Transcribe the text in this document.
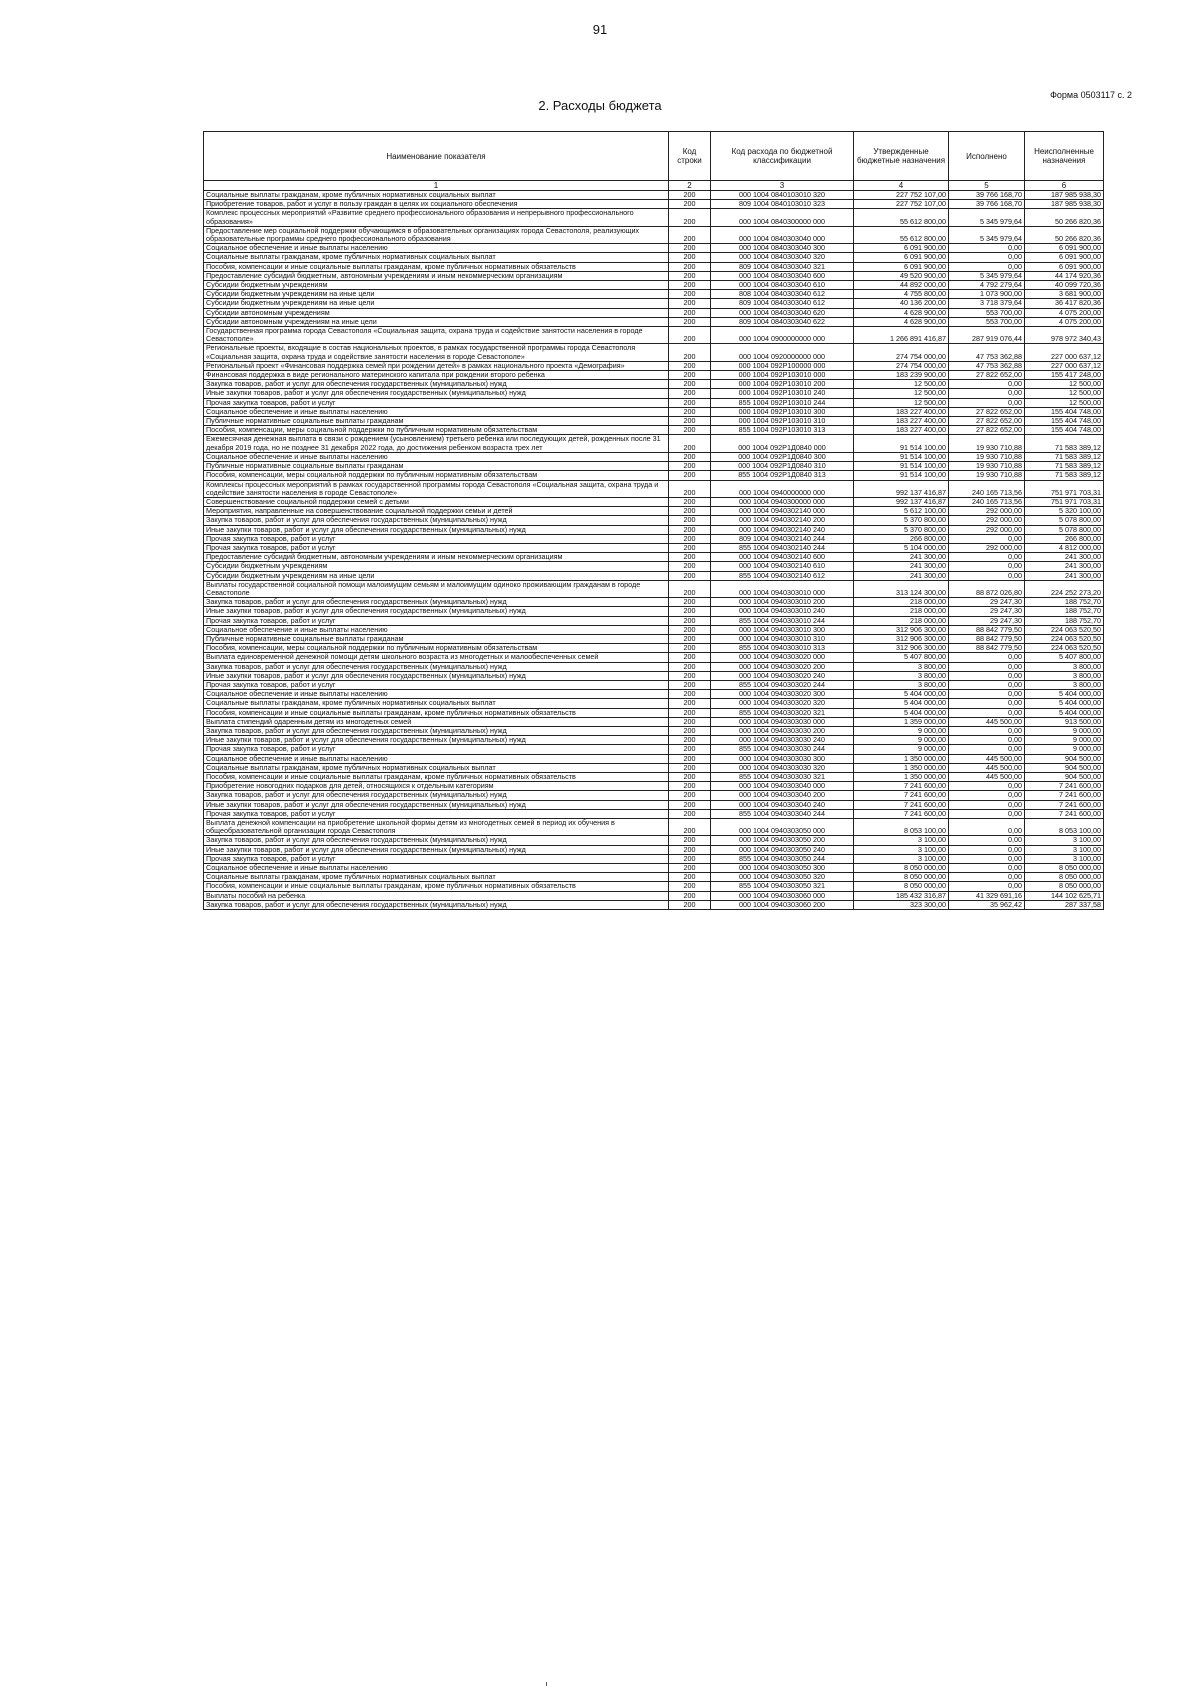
91
Форма 0503117 с. 2
2. Расходы бюджета
Наименование показателя	Код строки	Код расхода по бюджетной классификации	Утвержденные бюджетные назначения	Исполнено	Неисполненные назначения
1	2	3	4	5	6
Социальные выплаты гражданам, кроме публичных нормативных социальных выплат	200	000 1004 0840103010 320	227 752 107,00	39 766 168,70	187 985 938,30
Приобретение товаров, работ и услуг в пользу граждан в целях их социального обеспечения	200	809 1004 0840103010 323	227 752 107,00	39 766 168,70	187 985 938,30
Комплекс процессных мероприятий «Развитие среднего профессионального образования и непрерывного профессионального образования»	200	000 1004 0840300000 000	55 612 800,00	5 345 979,64	50 266 820,36
Предоставление мер социальной поддержки обучающимся в образовательных организациях города Севастополя, реализующих образовательные программы среднего профессионального образования	200	000 1004 0840303040 000	55 612 800,00	5 345 979,64	50 266 820,36
Социальное обеспечение и иные выплаты населению	200	000 1004 0840303040 300	6 091 900,00	0,00	6 091 900,00
Социальные выплаты гражданам, кроме публичных нормативных социальных выплат	200	000 1004 0840303040 320	6 091 900,00	0,00	6 091 900,00
Пособия, компенсации и иные социальные выплаты гражданам, кроме публичных нормативных обязательств	200	809 1004 0840303040 321	6 091 900,00	0,00	6 091 900,00
Предоставление субсидий бюджетным, автономным учреждениям и иным некоммерческим организациям	200	000 1004 0840303040 600	49 520 900,00	5 345 979,64	44 174 920,36
Субсидии бюджетным учреждениям	200	000 1004 0840303040 610	44 892 000,00	4 792 279,64	40 099 720,36
Субсидии бюджетным учреждениям на иные цели	200	808 1004 0840303040 612	4 755 800,00	1 073 900,00	3 681 900,00
Субсидии бюджетным учреждениям на иные цели	200	809 1004 0840303040 612	40 136 200,00	3 718 379,64	36 417 820,36
Субсидии автономным учреждениям	200	000 1004 0840303040 620	4 628 900,00	553 700,00	4 075 200,00
Субсидии автономным учреждениям на иные цели	200	809 1004 0840303040 622	4 628 900,00	553 700,00	4 075 200,00
Государственная программа города Севастополя «Социальная защита, охрана труда и содействие занятости населения в городе Севастополе»	200	000 1004 0900000000 000	1 266 891 416,87	287 919 076,44	978 972 340,43
Региональные проекты, входящие в состав национальных проектов, в рамках государственной программы города Севастополя «Социальная защита, охрана труда и содействие занятости населения в городе Севастополе»	200	000 1004 0920000000 000	274 754 000,00	47 753 362,88	227 000 637,12
Региональный проект «Финансовая поддержка семей при рождении детей» в рамках национального проекта «Демография»	200	000 1004 092P100000 000	274 754 000,00	47 753 362,88	227 000 637,12
Финансовая поддержка в виде регионального материнского капитала при рождении второго ребенка	200	000 1004 092P103010 000	183 239 900,00	27 822 652,00	155 417 248,00
Закупка товаров, работ и услуг для обеспечения государственных (муниципальных) нужд	200	000 1004 092P103010 200	12 500,00	0,00	12 500,00
Иные закупки товаров, работ и услуг для обеспечения государственных (муниципальных) нужд	200	000 1004 092P103010 240	12 500,00	0,00	12 500,00
Прочая закупка товаров, работ и услуг	200	855 1004 092P103010 244	12 500,00	0,00	12 500,00
Социальное обеспечение и иные выплаты населению	200	000 1004 092P103010 300	183 227 400,00	27 822 652,00	155 404 748,00
Публичные нормативные социальные выплаты гражданам	200	000 1004 092P103010 310	183 227 400,00	27 822 652,00	155 404 748,00
Пособия, компенсации, меры социальной поддержки по публичным нормативным обязательствам	200	855 1004 092P103010 313	183 227 400,00	27 822 652,00	155 404 748,00
Ежемесячная денежная выплата в связи с рождением (усыновлением) третьего ребенка или последующих детей, рожденных после 31 декабря 2019 года, но не позднее 31 декабря 2022 года, до достижения ребенком возраста трех лет	200	000 1004 092P1Д0840 000	91 514 100,00	19 930 710,88	71 583 389,12
Социальное обеспечение и иные выплаты населению	200	000 1004 092P1Д0840 300	91 514 100,00	19 930 710,88	71 583 389,12
Публичные нормативные социальные выплаты гражданам	200	000 1004 092P1Д0840 310	91 514 100,00	19 930 710,88	71 583 389,12
Пособия, компенсации, меры социальной поддержки по публичным нормативным обязательствам	200	855 1004 092P1Д0840 313	91 514 100,00	19 930 710,88	71 583 389,12
Комплексы процессных мероприятий в рамках государственной программы города Севастополя «Социальная защита, охрана труда и содействие занятости населения в городе Севастополе»	200	000 1004 0940000000 000	992 137 416,87	240 165 713,56	751 971 703,31
Совершенствование социальной поддержки семей с детьми	200	000 1004 0940300000 000	992 137 416,87	240 165 713,56	751 971 703,31
Мероприятия, направленные на совершенствование социальной поддержки семьи и детей	200	000 1004 0940302140 000	5 612 100,00	292 000,00	5 320 100,00
Закупка товаров, работ и услуг для обеспечения государственных (муниципальных) нужд	200	000 1004 0940302140 200	5 370 800,00	292 000,00	5 078 800,00
Иные закупки товаров, работ и услуг для обеспечения государственных (муниципальных) нужд	200	000 1004 0940302140 240	5 370 800,00	292 000,00	5 078 800,00
Прочая закупка товаров, работ и услуг	200	809 1004 0940302140 244	266 800,00	0,00	266 800,00
Прочая закупка товаров, работ и услуг	200	855 1004 0940302140 244	5 104 000,00	292 000,00	4 812 000,00
Предоставление субсидий бюджетным, автономным учреждениям и иным некоммерческим организациям	200	000 1004 0940302140 600	241 300,00	0,00	241 300,00
Субсидии бюджетным учреждениям	200	000 1004 0940302140 610	241 300,00	0,00	241 300,00
Субсидии бюджетным учреждениям на иные цели	200	855 1004 0940302140 612	241 300,00	0,00	241 300,00
Выплаты государственной социальной помощи малоимущим семьям и малоимущим одиноко проживающим гражданам в городе Севастополе	200	000 1004 0940303010 000	313 124 300,00	88 872 026,80	224 252 273,20
Закупка товаров, работ и услуг для обеспечения государственных (муниципальных) нужд	200	000 1004 0940303010 200	218 000,00	29 247,30	188 752,70
Иные закупки товаров, работ и услуг для обеспечения государственных (муниципальных) нужд	200	000 1004 0940303010 240	218 000,00	29 247,30	188 752,70
Прочая закупка товаров, работ и услуг	200	855 1004 0940303010 244	218 000,00	29 247,30	188 752,70
Социальное обеспечение и иные выплаты населению	200	000 1004 0940303010 300	312 906 300,00	88 842 779,50	224 063 520,50
Публичные нормативные социальные выплаты гражданам	200	000 1004 0940303010 310	312 906 300,00	88 842 779,50	224 063 520,50
Пособия, компенсации, меры социальной поддержки по публичным нормативным обязательствам	200	855 1004 0940303010 313	312 906 300,00	88 842 779,50	224 063 520,50
Выплата единовременной денежной помощи детям школьного возраста из многодетных и малообеспеченных семей	200	000 1004 0940303020 000	5 407 800,00	0,00	5 407 800,00
Закупка товаров, работ и услуг для обеспечения государственных (муниципальных) нужд	200	000 1004 0940303020 200	3 800,00	0,00	3 800,00
Иные закупки товаров, работ и услуг для обеспечения государственных (муниципальных) нужд	200	000 1004 0940303020 240	3 800,00	0,00	3 800,00
Прочая закупка товаров, работ и услуг	200	855 1004 0940303020 244	3 800,00	0,00	3 800,00
Социальное обеспечение и иные выплаты населению	200	000 1004 0940303020 300	5 404 000,00	0,00	5 404 000,00
Социальные выплаты гражданам, кроме публичных нормативных социальных выплат	200	000 1004 0940303020 320	5 404 000,00	0,00	5 404 000,00
Пособия, компенсации и иные социальные выплаты гражданам, кроме публичных нормативных обязательств	200	855 1004 0940303020 321	5 404 000,00	0,00	5 404 000,00
Выплата стипендий одаренным детям из многодетных семей	200	000 1004 0940303030 000	1 359 000,00	445 500,00	913 500,00
Закупка товаров, работ и услуг для обеспечения государственных (муниципальных) нужд	200	000 1004 0940303030 200	9 000,00	0,00	9 000,00
Иные закупки товаров, работ и услуг для обеспечения государственных (муниципальных) нужд	200	000 1004 0940303030 240	9 000,00	0,00	9 000,00
Прочая закупка товаров, работ и услуг	200	855 1004 0940303030 244	9 000,00	0,00	9 000,00
Социальное обеспечение и иные выплаты населению	200	000 1004 0940303030 300	1 350 000,00	445 500,00	904 500,00
Социальные выплаты гражданам, кроме публичных нормативных социальных выплат	200	000 1004 0940303030 320	1 350 000,00	445 500,00	904 500,00
Пособия, компенсации и иные социальные выплаты гражданам, кроме публичных нормативных обязательств	200	855 1004 0940303030 321	1 350 000,00	445 500,00	904 500,00
Приобретение новогодних подарков для детей, относящихся к отдельным категориям	200	000 1004 0940303040 000	7 241 600,00	0,00	7 241 600,00
Закупка товаров, работ и услуг для обеспечения государственных (муниципальных) нужд	200	000 1004 0940303040 200	7 241 600,00	0,00	7 241 600,00
Иные закупки товаров, работ и услуг для обеспечения государственных (муниципальных) нужд	200	000 1004 0940303040 240	7 241 600,00	0,00	7 241 600,00
Прочая закупка товаров, работ и услуг	200	855 1004 0940303040 244	7 241 600,00	0,00	7 241 600,00
Выплата денежной компенсации на приобретение школьной формы детям из многодетных семей в период их обучения в общеобразовательной организации города Севастополя	200	000 1004 0940303050 000	8 053 100,00	0,00	8 053 100,00
Закупка товаров, работ и услуг для обеспечения государственных (муниципальных) нужд	200	000 1004 0940303050 200	3 100,00	0,00	3 100,00
Иные закупки товаров, работ и услуг для обеспечения государственных (муниципальных) нужд	200	000 1004 0940303050 240	3 100,00	0,00	3 100,00
Прочая закупка товаров, работ и услуг	200	855 1004 0940303050 244	3 100,00	0,00	3 100,00
Социальное обеспечение и иные выплаты населению	200	000 1004 0940303050 300	8 050 000,00	0,00	8 050 000,00
Социальные выплаты гражданам, кроме публичных нормативных социальных выплат	200	000 1004 0940303050 320	8 050 000,00	0,00	8 050 000,00
Пособия, компенсации и иные социальные выплаты гражданам, кроме публичных нормативных обязательств	200	855 1004 0940303050 321	8 050 000,00	0,00	8 050 000,00
Выплаты пособий на ребенка	200	000 1004 0940303060 000	185 432 316,87	41 329 691,16	144 102 625,71
Закупка товаров, работ и услуг для обеспечения государственных (муниципальных) нужд	200	000 1004 0940303060 200	323 300,00	35 962,42	287 337,58
